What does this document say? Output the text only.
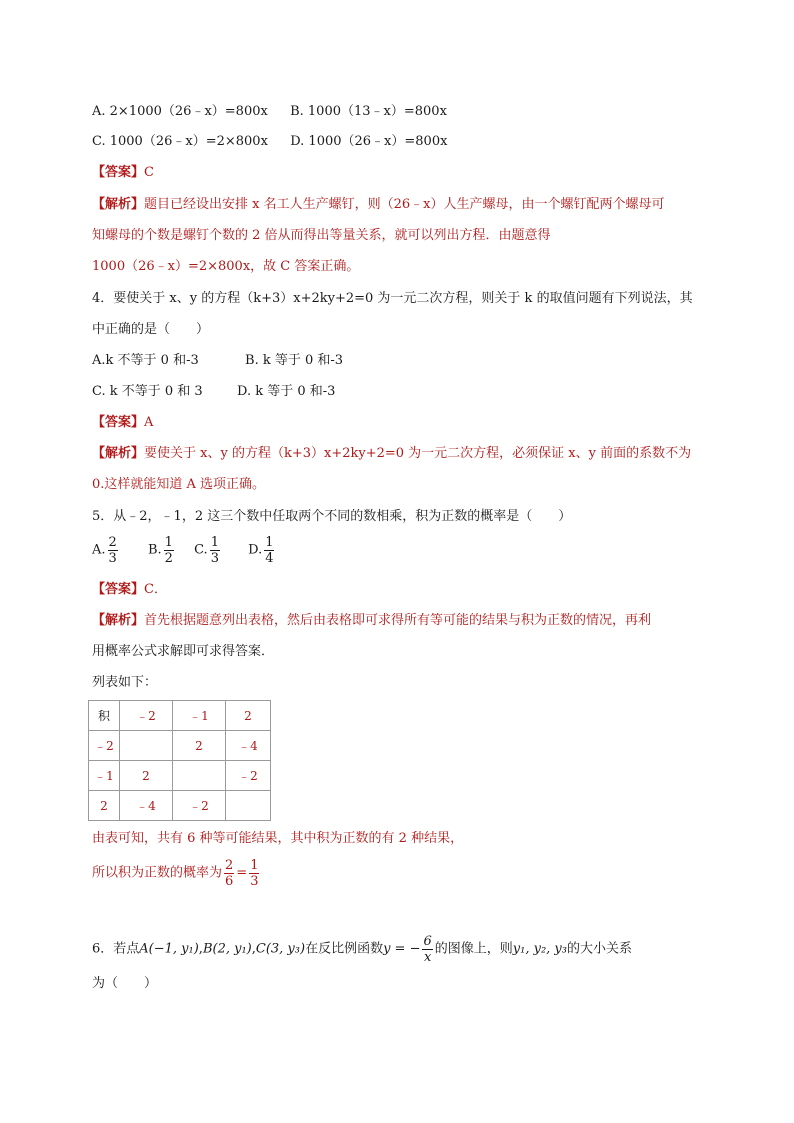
A. 2×1000（26﹣x）=800x B. 1000（13﹣x）=800x
C. 1000（26﹣x）=2×800x D. 1000（26﹣x）=800x
【答案】C
【解析】题目已经设出安排 x 名工人生产螺钉，则（26﹣x）人生产螺母，由一个螺钉配两个螺母可
知螺母的个数是螺钉个数的 2 倍从而得出等量关系，就可以列出方程．由题意得
1000（26﹣x）=2×800x，故 C 答案正确。
4．要使关于 x、y 的方程（k+3）x+2ky+2=0 为一元二次方程，则关于 k 的取值问题有下列说法，其
中正确的是（　　）
A.k 不等于 0 和-3	B. k 等于 0 和-3
C. k 不等于 0 和 3	D. k 等于 0 和-3
【答案】A
【解析】要使关于 x、y 的方程（k+3）x+2ky+2=0 为一元二次方程，必须保证 x、y 前面的系数不为
0.这样就能知道 A 选项正确。
5．从﹣2，﹣1，2 这三个数中任取两个不同的数相乘，积为正数的概率是（　　）
A. $\frac{2}{3} B$. $\frac{1}{2} C$. $\frac{1}{3} D$. $\frac{1}{4}$
【答案】C．
【解析】首先根据题意列出表格，然后由表格即可求得所有等可能的结果与积为正数的情况，再利
用概率公式求解即可求得答案．
列表如下：
积	﹣2	﹣1	2
﹣2		2	﹣4
﹣1	2		﹣2
2	﹣4	﹣2	
由表可知，共有 6 种等可能结果，其中积为正数的有 2 种结果，
所以积为正数的概率为 $\frac{2}{6} = \frac{1}{3}$
6．若点A(−1, y₁),B(2, y₁),C(3, y₃)在反比例函数y = − $\frac{6}{x}$ 的图像上，则y₁, y₂, y₃的大小关系
为（　　）
